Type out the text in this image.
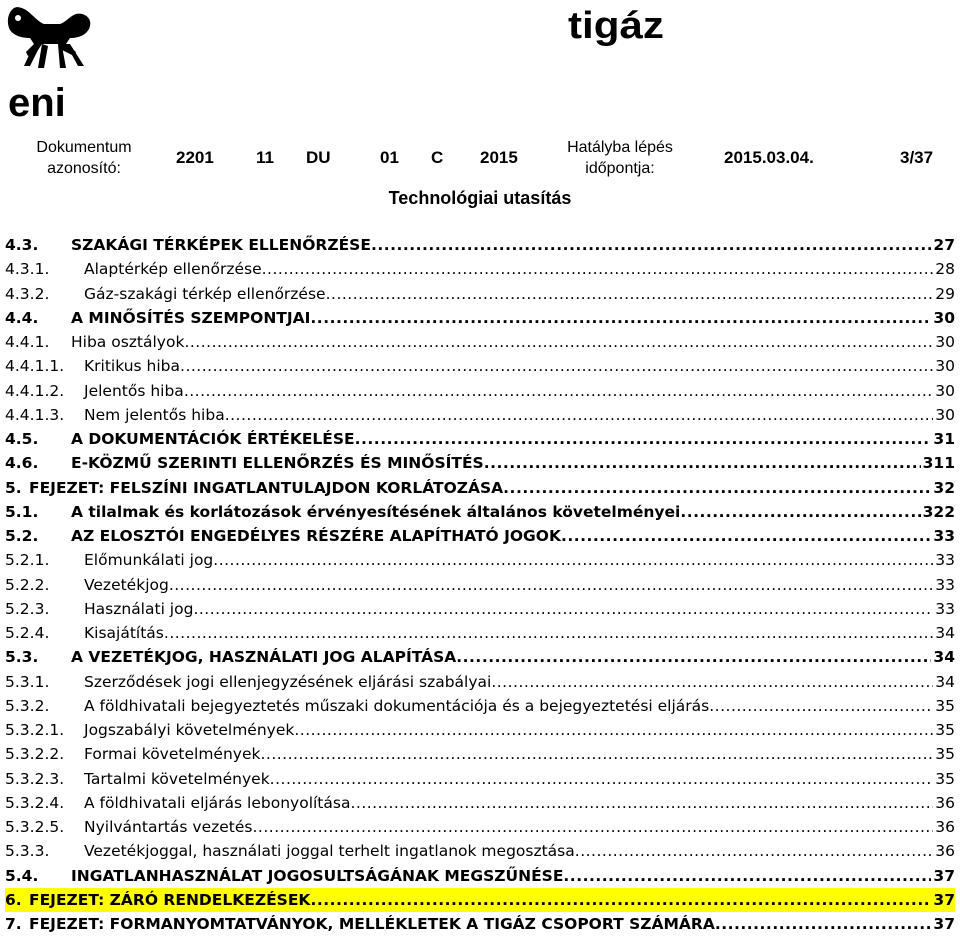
eni
tigáz
Dokumentum
azonosító:
2201 11 DU	01 C 2015
Hatályba lépés
időpontja:
2015.03.04.	3/37
Technológiai utasítás
4.3.	SZAKÁGI TÉRKÉPEK ELLENŐRZÉSE .....	27
4.3.1.	Alaptérkép ellenőrzése .....	28
4.3.2.	Gáz-szakági térkép ellenőrzése .....	29
4.4.	A MINŐSÍTÉS SZEMPONTJAI .....	30
4.4.1.	Hiba osztályok .....	30
4.4.1.1.	Kritikus hiba .....	30
4.4.1.2.	Jelentős hiba .....	30
4.4.1.3.	Nem jelentős hiba .....	30
4.5.	A DOKUMENTÁCIÓK ÉRTÉKELÉSE .....	31
4.6.	E-KÖZMŰ SZERINTI ELLENŐRZÉS ÉS MINŐSÍTÉS .....	311
5. FEJEZET: FELSZÍNI INGATLANTULAJDON KORLÁTOZÁSA .....	32
5.1.	A tilalmak és korlátozások érvényesítésének általános követelményei .....	322
5.2.	AZ ELOSZTÓI ENGEDÉLYES RÉSZÉRE ALAPÍTHATÓ JOGOK .....	33
5.2.1.	Előmunkálati jog .....	33
5.2.2.	Vezetékjog .....	33
5.2.3.	Használati jog .....	33
5.2.4.	Kisajátítás .....	34
5.3.	A VEZETÉKJOG, HASZNÁLATI JOG ALAPÍTÁSA .....	34
5.3.1.	Szerződések jogi ellenjegyzésének eljárási szabályai .....	34
5.3.2.	A földhivatali bejegyeztetés műszaki dokumentációja és a bejegyeztetési eljárás .....	35
5.3.2.1.	Jogszabályi követelmények .....	35
5.3.2.2.	Formai követelmények .....	35
5.3.2.3.	Tartalmi követelmények .....	35
5.3.2.4.	A földhivatali eljárás lebonyolítása .....	36
5.3.2.5.	Nyilvántartás vezetés .....	36
5.3.3.	Vezetékjoggal, használati joggal terhelt ingatlanok megosztása .....	36
5.4.	INGATLANHASZNÁLAT JOGOSULTSÁGÁNAK MEGSZŰNÉSE .....	37
6. FEJEZET: ZÁRÓ RENDELKEZÉSEK .....	37
7. FEJEZET: FORMANYOMTATVÁNYOK, MELLÉKLETEK A TIGÁZ CSOPORT SZÁMÁRA .....	37
